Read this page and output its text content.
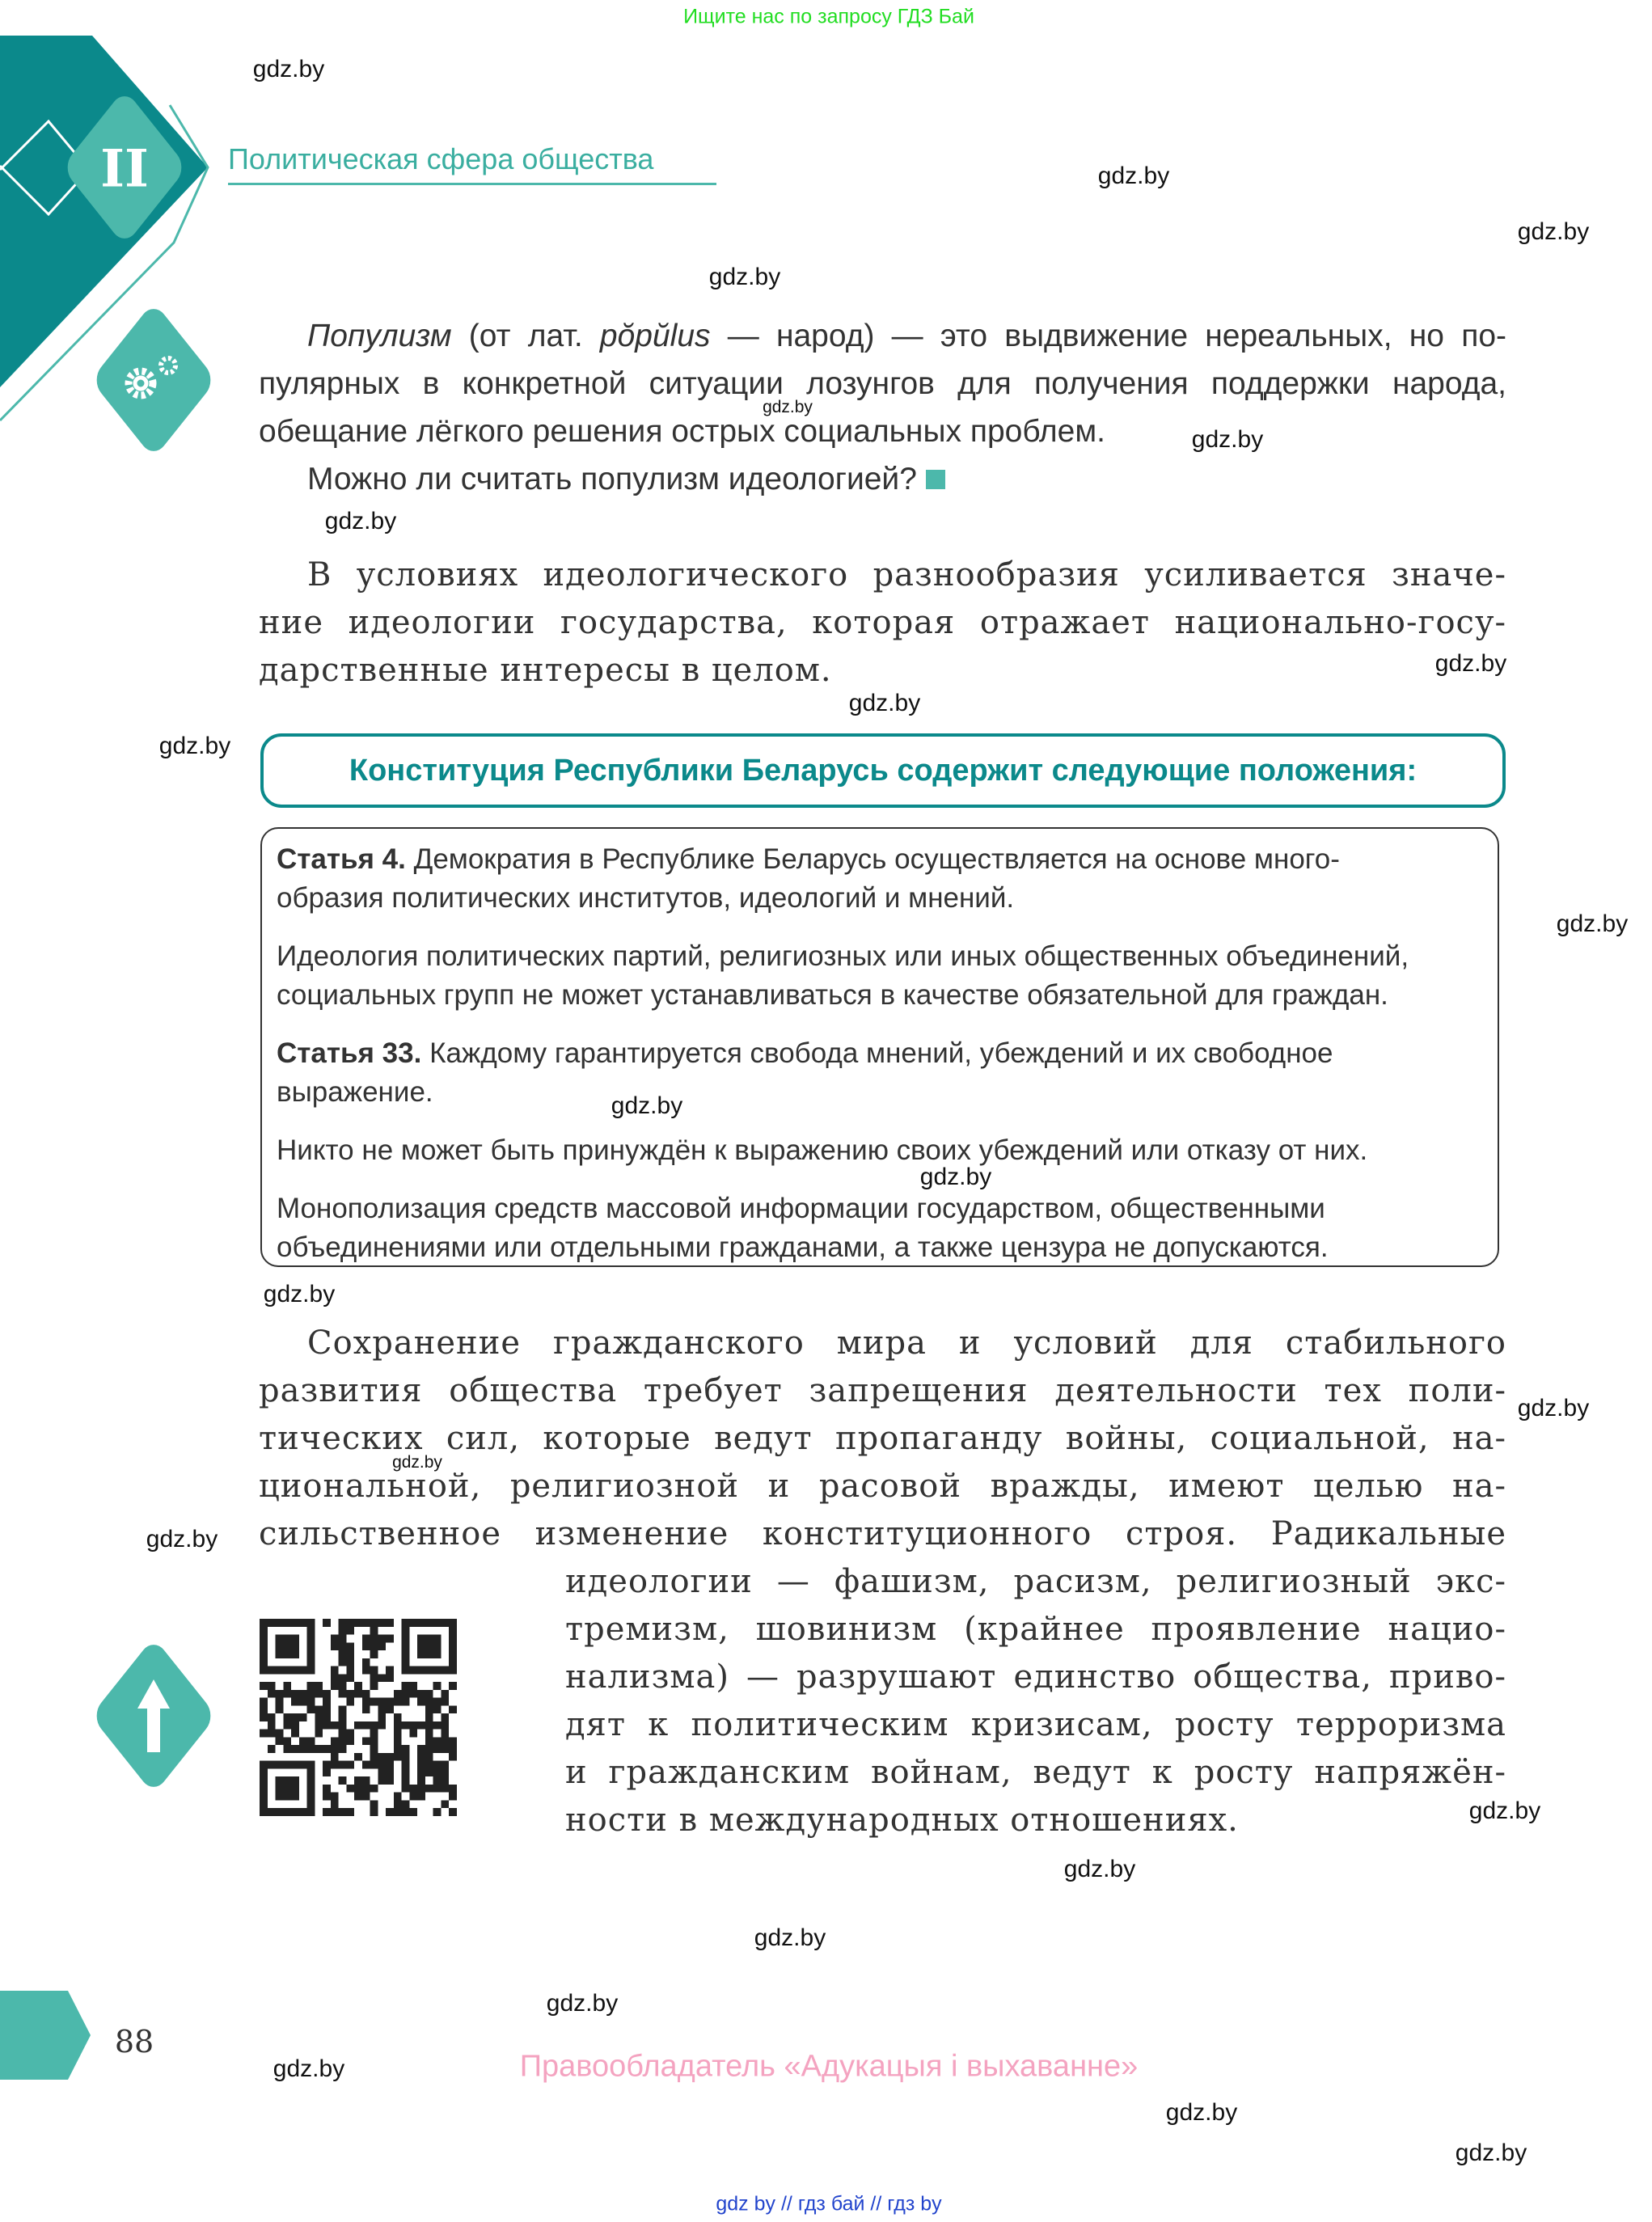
Ищите нас по запросу ГДЗ Бай
II	Политическая сфера общества
Популизм (от лат. pŏpŭlus — народ) — это выдвижение нереальных, но по-
пулярных в конкретной ситуации лозунгов для получения поддержки народа,
обещание лёгкого решения острых социальных проблем.
Можно ли считать популизм идеологией?
В условиях идеологического разнообразия усиливается значе-
ние идеологии государства, которая отражает национально-госу-
дарственные интересы в целом.
Конституция Республики Беларусь содержит следующие положения:
Статья 4. Демократия в Республике Беларусь осуществляется на основе много-
образия политических институтов, идеологий и мнений.
Идеология политических партий, религиозных или иных общественных объединений,
социальных групп не может устанавливаться в качестве обязательной для граждан.
Статья 33. Каждому гарантируется свобода мнений, убеждений и их свободное
выражение.
Никто не может быть принуждён к выражению своих убеждений или отказу от них.
Монополизация средств массовой информации государством, общественными
объединениями или отдельными гражданами, а также цензура не допускаются.
Сохранение гражданского мира и условий для стабильного
развития общества требует запрещения деятельности тех поли-
тических сил, которые ведут пропаганду войны, социальной, на-
циональной, религиозной и расовой вражды, имеют целью на-
сильственное изменение конституционного строя. Радикальные
идеологии — фашизм, расизм, религиозный экс-
тремизм, шовинизм (крайнее проявление нацио-
нализма) — разрушают единство общества, приво-
дят к политическим кризисам, росту терроризма
и гражданским войнам, ведут к росту напряжён-
ности в международных отношениях.
88
Правообладатель «Адукацыя і выхаванне»
gdz by // гдз бай // гдз by
gdz.by
gdz.by
gdz.by
gdz.by
gdz.by
gdz.by
gdz.by
gdz.by
gdz.by
gdz.by
gdz.by
gdz.by
gdz.by
gdz.by
gdz.by
gdz.by
gdz.by
gdz.by
gdz.by
gdz.by
gdz.by
gdz.by
gdz.by
gdz.by
